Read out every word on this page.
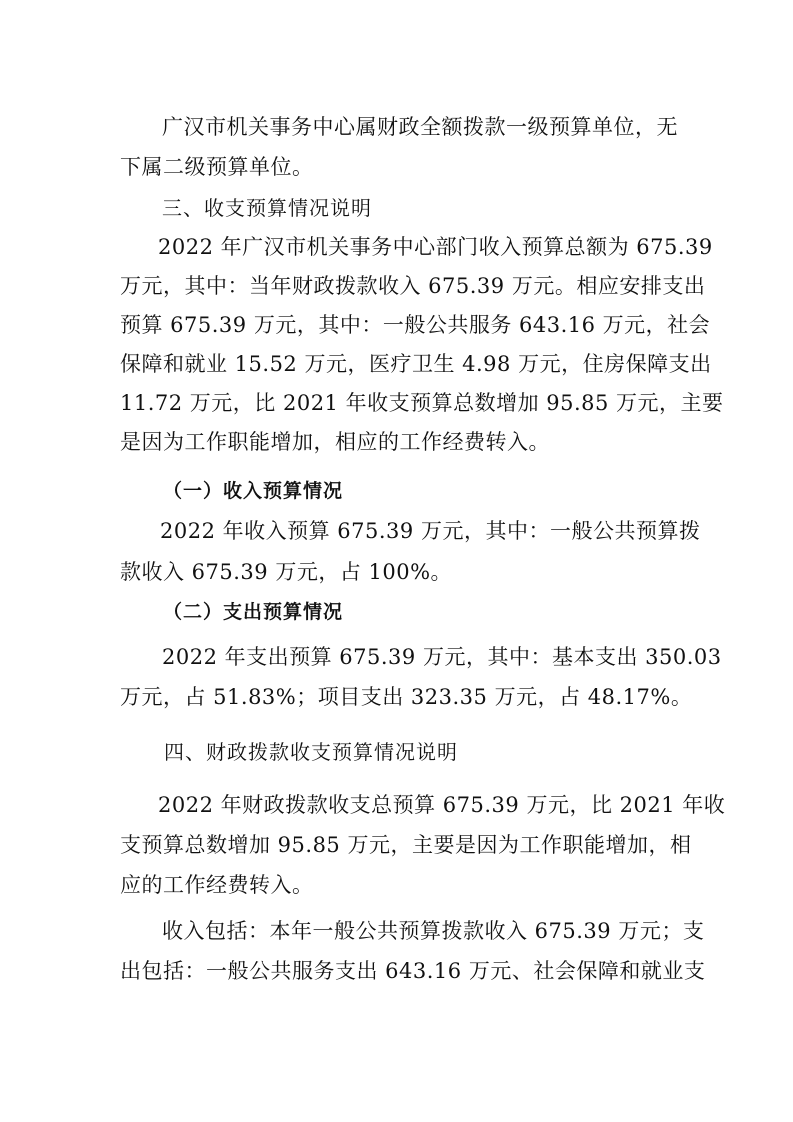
广汉市机关事务中心属财政全额拨款一级预算单位，无
下属二级预算单位。
三、收支预算情况说明
2022 年广汉市机关事务中心部门收入预算总额为 675.39
万元，其中：当年财政拨款收入 675.39 万元。相应安排支出
预算 675.39 万元，其中：一般公共服务 643.16 万元，社会
保障和就业 15.52 万元，医疗卫生 4.98 万元，住房保障支出
11.72 万元，比 2021 年收支预算总数增加 95.85 万元，主要
是因为工作职能增加，相应的工作经费转入。
（一）收入预算情况
2022 年收入预算 675.39 万元，其中：一般公共预算拨
款收入 675.39 万元，占 100%。
（二）支出预算情况
2022 年支出预算 675.39 万元，其中：基本支出 350.03
万元，占 51.83%；项目支出 323.35 万元，占 48.17%。
四、财政拨款收支预算情况说明
2022 年财政拨款收支总预算 675.39 万元，比 2021 年收
支预算总数增加 95.85 万元，主要是因为工作职能增加，相
应的工作经费转入。
收入包括：本年一般公共预算拨款收入 675.39 万元；支
出包括：一般公共服务支出 643.16 万元、社会保障和就业支
